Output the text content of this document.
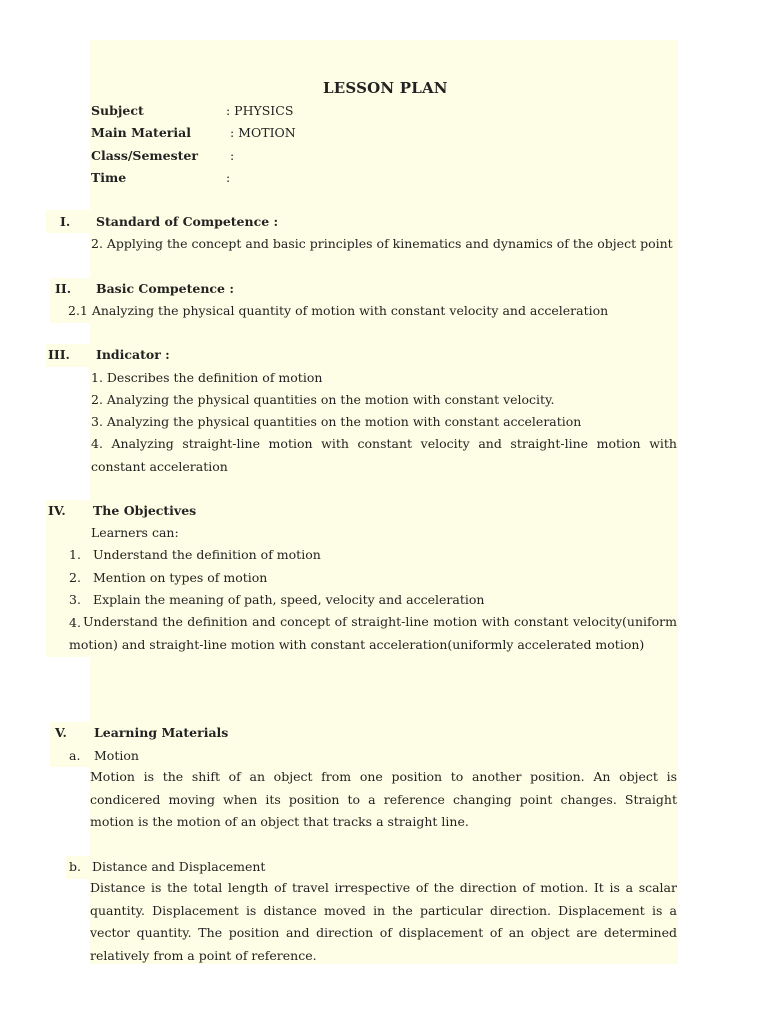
LESSON PLAN
Subject	: PHYSICS
Main Material	: MOTION
Class/Semester	:
Time	:
I. Standard of Competence :
2. Applying the concept and basic principles of kinematics and dynamics of the object point
II. Basic Competence :
2.1 Analyzing the physical quantity of motion with constant velocity and acceleration
III. Indicator :
1. Describes the definition of motion
2. Analyzing the physical quantities on the motion with constant velocity.
3. Analyzing the physical quantities on the motion with constant acceleration
4. Analyzing straight-line motion with constant velocity and straight-line motion with constant acceleration
IV. The Objectives
Learners can:
1. Understand the definition of motion
2. Mention on types of motion
3. Explain the meaning of path, speed, velocity and acceleration
4. Understand the definition and concept of straight-line motion with constant velocity(uniform motion) and straight-line motion with constant acceleration(uniformly accelerated motion)
V. Learning Materials
a. Motion
Motion is the shift of an object from one position to another position. An object is condicered moving when its position to a reference changing point changes. Straight motion is the motion of an object that tracks a straight line.
b. Distance and Displacement
Distance is the total length of travel irrespective of the direction of motion. It is a scalar quantity. Displacement is distance moved in the particular direction. Displacement is a vector quantity. The position and direction of displacement of an object are determined relatively from a point of reference.
